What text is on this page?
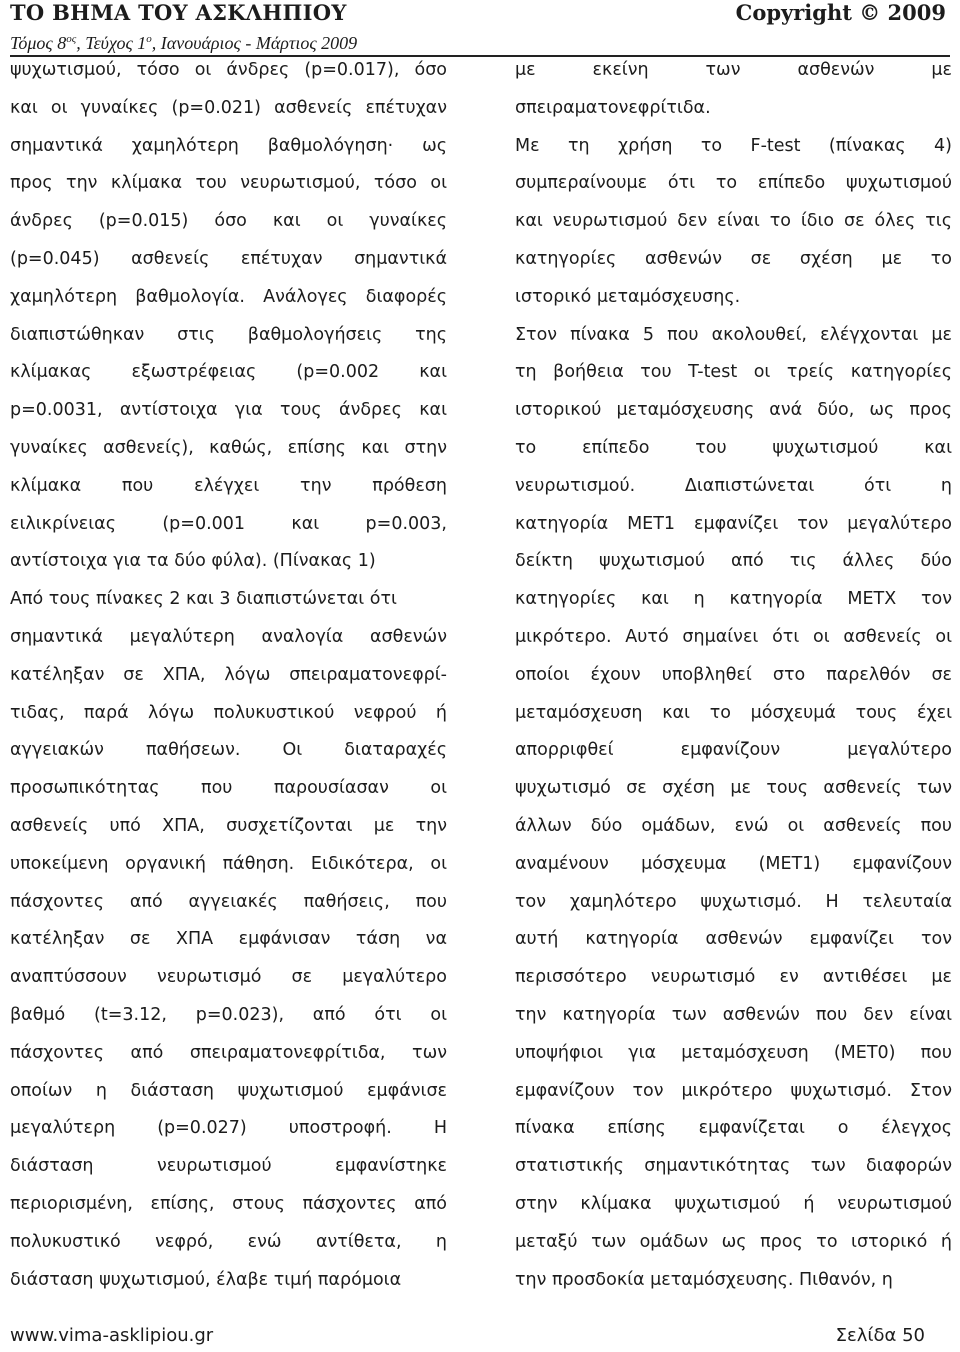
ΤΟ ΒΗΜΑ ΤΟΥ ΑΣΚΛΗΠΙΟΥ	Copyright © 2009
Τόμος $8^{o\varsigma}$, Τεύχος $1^o$, Ιανουάριος - Μάρτιος 2009
ψυχωτισμού, τόσο οι άνδρες (p=0.017), όσο
και οι γυναίκες (p=0.021) ασθενείς επέτυχαν
σημαντικά χαμηλότερη βαθμολόγηση· ως
προς την κλίμακα του νευρωτισμού, τόσο οι
άνδρες (p=0.015) όσο και οι γυναίκες
(p=0.045) ασθενείς επέτυχαν σημαντικά
χαμηλότερη βαθμολογία. Ανάλογες διαφορές
διαπιστώθηκαν στις βαθμολογήσεις της
κλίμακας εξωστρέφειας (p=0.002 και
p=0.0031, αντίστοιχα για τους άνδρες και
γυναίκες ασθενείς), καθώς, επίσης και στην
κλίμακα που ελέγχει την πρόθεση
ειλικρίνειας (p=0.001 και p=0.003,
αντίστοιχα για τα δύο φύλα). (Πίνακας 1)
Από τους πίνακες 2 και 3 διαπιστώνεται ότι
σημαντικά μεγαλύτερη αναλογία ασθενών
κατέληξαν σε ΧΠΑ, λόγω σπειραματονεφρί-
τιδας, παρά λόγω πολυκυστικού νεφρού ή
αγγειακών παθήσεων. Οι διαταραχές
προσωπικότητας που παρουσίασαν οι
ασθενείς υπό ΧΠΑ, συσχετίζονται με την
υποκείμενη οργανική πάθηση. Ειδικότερα, οι
πάσχοντες από αγγειακές παθήσεις, που
κατέληξαν σε ΧΠΑ εμφάνισαν τάση να
αναπτύσσουν νευρωτισμό σε μεγαλύτερο
βαθμό (t=3.12, p=0.023), από ότι οι
πάσχοντες από σπειραματονεφρίτιδα, των
οποίων η διάσταση ψυχωτισμού εμφάνισε
μεγαλύτερη (p=0.027) υποστροφή. Η
διάσταση νευρωτισμού εμφανίστηκε
περιορισμένη, επίσης, στους πάσχοντες από
πολυκυστικό νεφρό, ενώ αντίθετα, η
διάσταση ψυχωτισμού, έλαβε τιμή παρόμοια
με εκείνη των ασθενών με
σπειραματονεφρίτιδα.
Με τη χρήση το F-test (πίνακας 4)
συμπεραίνουμε ότι το επίπεδο ψυχωτισμού
και νευρωτισμού δεν είναι το ίδιο σε όλες τις
κατηγορίες ασθενών σε σχέση με το
ιστορικό μεταμόσχευσης.
Στον πίνακα 5 που ακολουθεί, ελέγχονται με
τη βοήθεια του T-test οι τρείς κατηγορίες
ιστορικού μεταμόσχευσης ανά δύο, ως προς
το επίπεδο του ψυχωτισμού και
νευρωτισμού. Διαπιστώνεται ότι η
κατηγορία ΜΕΤ1 εμφανίζει τον μεγαλύτερο
δείκτη ψυχωτισμού από τις άλλες δύο
κατηγορίες και η κατηγορία ΜΕΤΧ τον
μικρότερο. Αυτό σημαίνει ότι οι ασθενείς οι
οποίοι έχουν υποβληθεί στο παρελθόν σε
μεταμόσχευση και το μόσχευμά τους έχει
απορριφθεί εμφανίζουν μεγαλύτερο
ψυχωτισμό σε σχέση με τους ασθενείς των
άλλων δύο ομάδων, ενώ οι ασθενείς που
αναμένουν μόσχευμα (ΜΕΤ1) εμφανίζουν
τον χαμηλότερο ψυχωτισμό. Η τελευταία
αυτή κατηγορία ασθενών εμφανίζει τον
περισσότερο νευρωτισμό εν αντιθέσει με
την κατηγορία των ασθενών που δεν είναι
υποψήφιοι για μεταμόσχευση (ΜΕΤ0) που
εμφανίζουν τον μικρότερο ψυχωτισμό. Στον
πίνακα επίσης εμφανίζεται ο έλεγχος
στατιστικής σημαντικότητας των διαφορών
στην κλίμακα ψυχωτισμού ή νευρωτισμού
μεταξύ των ομάδων ως προς το ιστορικό ή
την προσδοκία μεταμόσχευσης. Πιθανόν, η
www.vima-asklipiou.gr	Σελίδα 50
